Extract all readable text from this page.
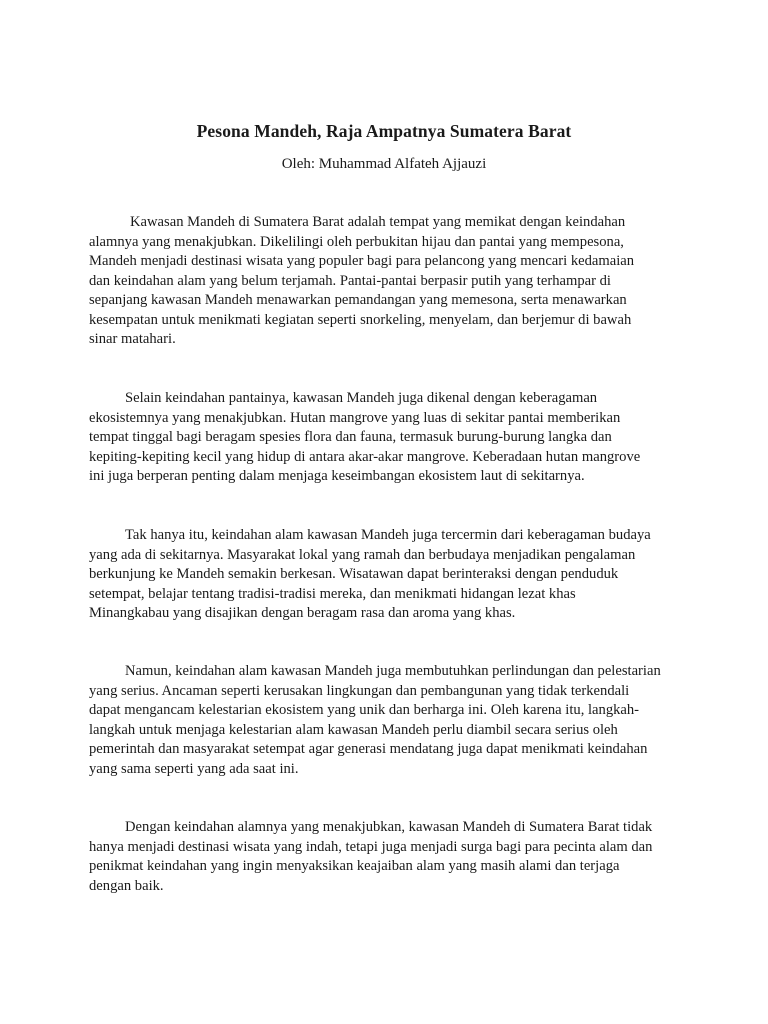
Pesona Mandeh, Raja Ampatnya Sumatera Barat
Oleh: Muhammad Alfateh Ajjauzi

Kawasan Mandeh di Sumatera Barat adalah tempat yang memikat dengan keindahan
alamnya yang menakjubkan. Dikelilingi oleh perbukitan hijau dan pantai yang mempesona,
Mandeh menjadi destinasi wisata yang populer bagi para pelancong yang mencari kedamaian
dan keindahan alam yang belum terjamah. Pantai-pantai berpasir putih yang terhampar di
sepanjang kawasan Mandeh menawarkan pemandangan yang memesona, serta menawarkan
kesempatan untuk menikmati kegiatan seperti snorkeling, menyelam, dan berjemur di bawah
sinar matahari.

Selain keindahan pantainya, kawasan Mandeh juga dikenal dengan keberagaman
ekosistemnya yang menakjubkan. Hutan mangrove yang luas di sekitar pantai memberikan
tempat tinggal bagi beragam spesies flora dan fauna, termasuk burung-burung langka dan
kepiting-kepiting kecil yang hidup di antara akar-akar mangrove. Keberadaan hutan mangrove
ini juga berperan penting dalam menjaga keseimbangan ekosistem laut di sekitarnya.

Tak hanya itu, keindahan alam kawasan Mandeh juga tercermin dari keberagaman budaya
yang ada di sekitarnya. Masyarakat lokal yang ramah dan berbudaya menjadikan pengalaman
berkunjung ke Mandeh semakin berkesan. Wisatawan dapat berinteraksi dengan penduduk
setempat, belajar tentang tradisi-tradisi mereka, dan menikmati hidangan lezat khas
Minangkabau yang disajikan dengan beragam rasa dan aroma yang khas.

Namun, keindahan alam kawasan Mandeh juga membutuhkan perlindungan dan pelestarian
yang serius. Ancaman seperti kerusakan lingkungan dan pembangunan yang tidak terkendali
dapat mengancam kelestarian ekosistem yang unik dan berharga ini. Oleh karena itu, langkah-
langkah untuk menjaga kelestarian alam kawasan Mandeh perlu diambil secara serius oleh
pemerintah dan masyarakat setempat agar generasi mendatang juga dapat menikmati keindahan
yang sama seperti yang ada saat ini.

Dengan keindahan alamnya yang menakjubkan, kawasan Mandeh di Sumatera Barat tidak
hanya menjadi destinasi wisata yang indah, tetapi juga menjadi surga bagi para pecinta alam dan
penikmat keindahan yang ingin menyaksikan keajaiban alam yang masih alami dan terjaga
dengan baik.
